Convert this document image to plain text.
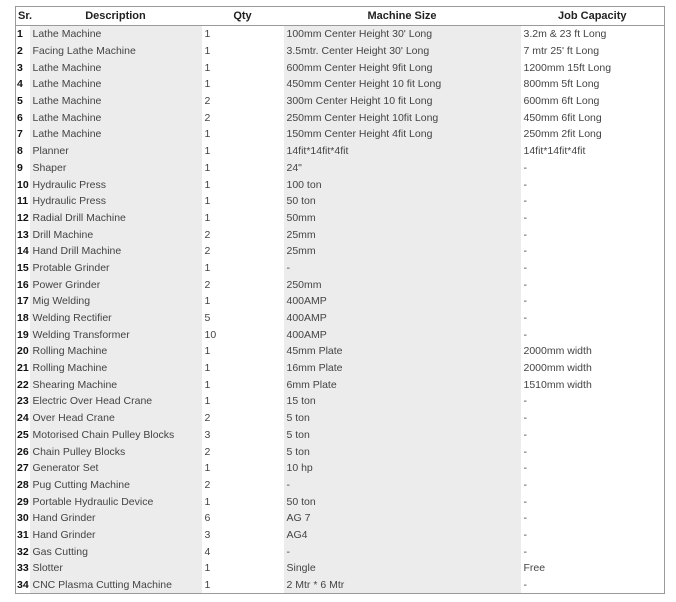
Sr.	Description	Qty	Machine Size	Job Capacity
1	Lathe Machine	1	100mm Center Height 30' Long	3.2m & 23 ft Long
2	Facing Lathe Machine	1	3.5mtr. Center Height 30' Long	7 mtr 25' ft Long
3	Lathe Machine	1	600mm Center Height 9fit Long	1200mm 15ft Long
4	Lathe Machine	1	450mm Center Height 10 fit Long	800mm 5ft Long
5	Lathe Machine	2	300m Center Height 10 fit Long	600mm 6ft Long
6	Lathe Machine	2	250mm Center Height 10fit Long	450mm 6fit Long
7	Lathe Machine	1	150mm Center Height 4fit Long	250mm 2fit Long
8	Planner	1	14fit*14fit*4fit	14fit*14fit*4fit
9	Shaper	1	24"	-
10	Hydraulic Press	1	100 ton	-
11	Hydraulic Press	1	50 ton	-
12	Radial Drill Machine	1	50mm	-
13	Drill Machine	2	25mm	-
14	Hand Drill Machine	2	25mm	-
15	Protable Grinder	1	-	-
16	Power Grinder	2	250mm	-
17	Mig Welding	1	400AMP	-
18	Welding Rectifier	5	400AMP	-
19	Welding Transformer	10	400AMP	-
20	Rolling Machine	1	45mm Plate	2000mm width
21	Rolling Machine	1	16mm Plate	2000mm width
22	Shearing Machine	1	6mm Plate	1510mm width
23	Electric Over Head Crane	1	15 ton	-
24	Over Head Crane	2	5 ton	-
25	Motorised Chain Pulley Blocks	3	5 ton	-
26	Chain Pulley Blocks	2	5 ton	-
27	Generator Set	1	10 hp	-
28	Pug Cutting Machine	2	-	-
29	Portable Hydraulic Device	1	50 ton	-
30	Hand Grinder	6	AG 7	-
31	Hand Grinder	3	AG4	-
32	Gas Cutting	4	-	-
33	Slotter	1	Single	Free
34	CNC Plasma Cutting Machine	1	2 Mtr * 6 Mtr	-
